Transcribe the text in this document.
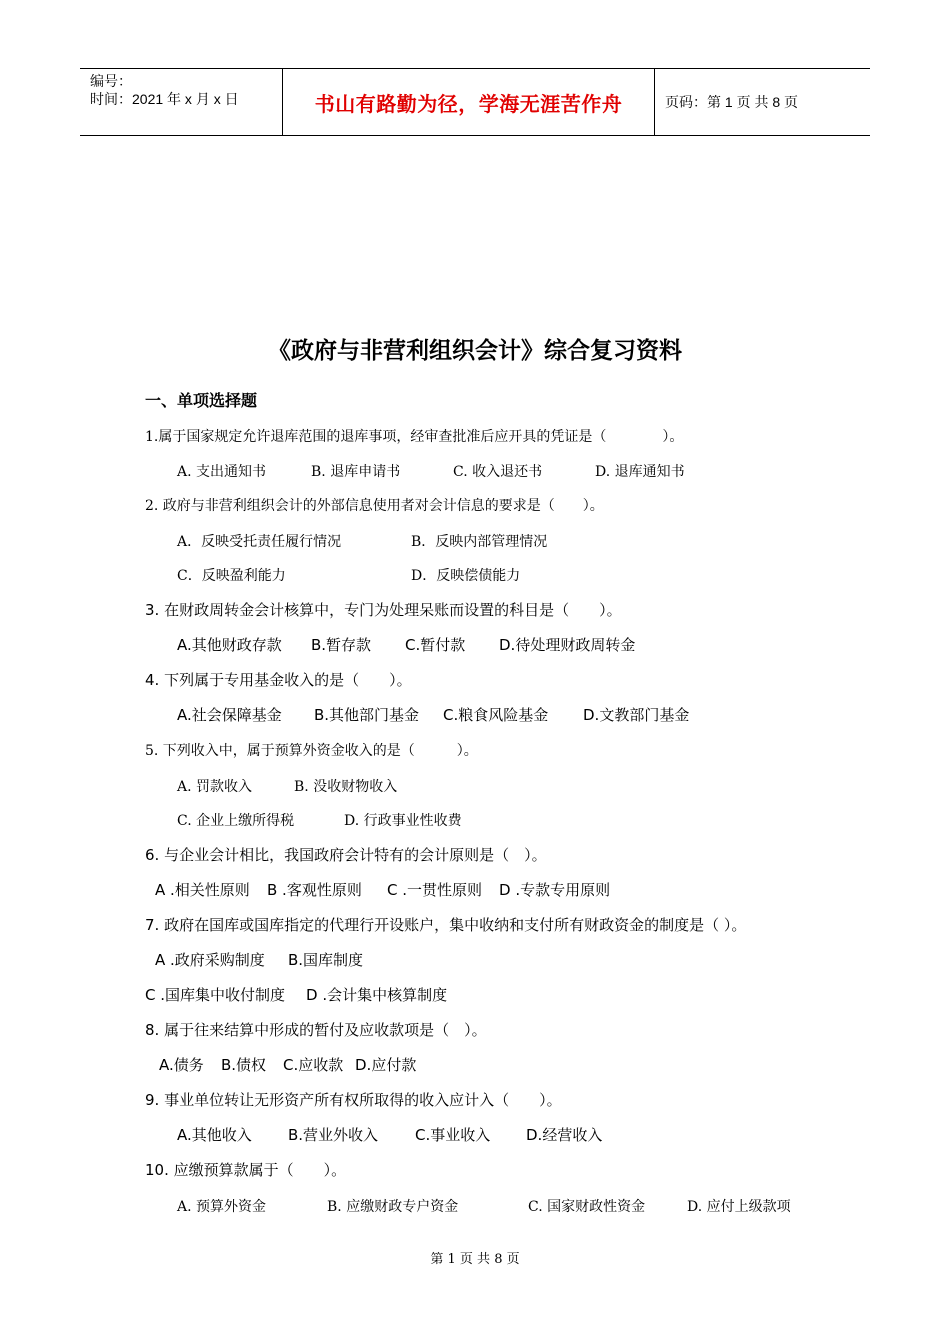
编号：
时间：2021 年 x 月 x 日	书山有路勤为径，学海无涯苦作舟	页码：第 1 页 共 8 页
《政府与非营利组织会计》综合复习资料
一、单项选择题
1.属于国家规定允许退库范围的退库事项，经审查批准后应开具的凭证是（　　　　）。
A. 支出通知书	B. 退库申请书	C. 收入退还书	D. 退库通知书
2. 政府与非营利组织会计的外部信息使用者对会计信息的要求是（　　）。
A．反映受托责任履行情况	B．反映内部管理情况
C．反映盈利能力	D．反映偿债能力
3. 在财政周转金会计核算中，专门为处理呆账而设置的科目是（　　）。
A.其他财政存款 B.暂存款 C.暂付款 D.待处理财政周转金
4. 下列属于专用基金收入的是（　　）。
A.社会保障基金 B.其他部门基金 C.粮食风险基金 D.文教部门基金
5. 下列收入中，属于预算外资金收入的是（　　　）。
A. 罚款收入	B. 没收财物收入
C. 企业上缴所得税	D. 行政事业性收费
6. 与企业会计相比，我国政府会计特有的会计原则是（　）。
A .相关性原则 B .客观性原则 C .一贯性原则 D .专款专用原则
7. 政府在国库或国库指定的代理行开设账户，集中收纳和支付所有财政资金的制度是（ ）。
A .政府采购制度 B.国库制度
C .国库集中收付制度 D .会计集中核算制度
8. 属于往来结算中形成的暂付及应收款项是（　）。
A.债务 B.债权 C.应收款 D.应付款
9. 事业单位转让无形资产所有权所取得的收入应计入（　　）。
A.其他收入 B.营业外收入 C.事业收入 D.经营收入
10. 应缴预算款属于（　　）。
A. 预算外资金	B. 应缴财政专户资金	C. 国家财政性资金	D. 应付上级款项
第 1 页 共 8 页
